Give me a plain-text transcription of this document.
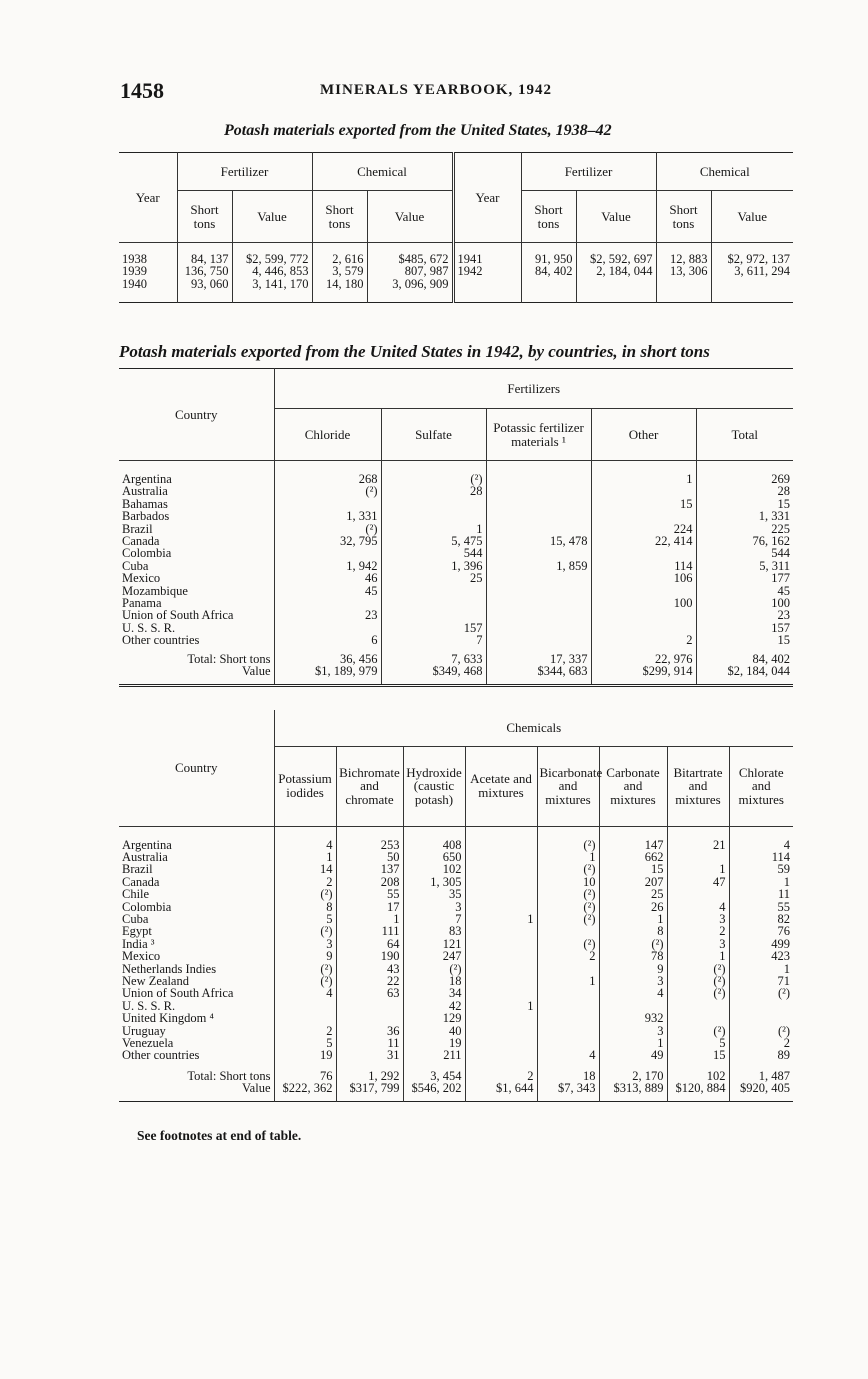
1458	MINERALS YEARBOOK, 1942
Potash materials exported from the United States, 1938–42
Year	Fertilizer		Chemical		Year	Fertilizer		Chemical	
	Short tons	Value	Short tons	Value		Short tons	Value	Short tons	Value
1938	84, 137	$2, 599, 772	2, 616	$485, 672	1941	91, 950	$2, 592, 697	12, 883	$2, 972, 137
1939	136, 750	4, 446, 853	3, 579	807, 987	1942	84, 402	2, 184, 044	13, 306	3, 611, 294
1940	93, 060	3, 141, 170	14, 180	3, 096, 909					
Potash materials exported from the United States in 1942, by countries, in short tons
Country	Fertilizers				
	Chloride	Sulfate	Potassic fertilizer materials ¹	Other	Total
Argentina	268	(²)		1	269
Australia	(²)	28			28
Bahamas				15	15
Barbados	1, 331				1, 331
Brazil	(²)	1		224	225
Canada	32, 795	5, 475	15, 478	22, 414	76, 162
Colombia		544			544
Cuba	1, 942	1, 396	1, 859	114	5, 311
Mexico	46	25		106	177
Mozambique	45				45
Panama				100	100
Union of South Africa	23				23
U. S. S. R.		157			157
Other countries	6	7		2	15
Total: Short tons	36, 456	7, 633	17, 337	22, 976	84, 402
Value	$1, 189, 979	$349, 468	$344, 683	$299, 914	$2, 184, 044
Country	Chemicals							
	Potassium iodides	Bichromate and chromate	Hydroxide (caustic potash)	Acetate and mixtures	Bicarbonate and mixtures	Carbonate and mixtures	Bitartrate and mixtures	Chlorate and mixtures
Argentina	4	253	408		(²)	147	21	4
Australia	1	50	650		1	662		114
Brazil	14	137	102		(²)	15	1	59
Canada	2	208	1, 305		10	207	47	1
Chile	(²)	55	35		(²)	25		11
Colombia	8	17	3		(²)	26	4	55
Cuba	5	1	7	1	(²)	1	3	82
Egypt	(²)	111	83			8	2	76
India ³	3	64	121		(²)	(²)	3	499
Mexico	9	190	247		2	78	1	423
Netherlands Indies	(²)	43	(²)			9	(²)	1
New Zealand	(²)	22	18		1	3	(²)	71
Union of South Africa	4	63	34			4	(²)	(²)
U. S. S. R.			42	1				
United Kingdom ⁴			129			932		
Uruguay	2	36	40			3	(²)	(²)
Venezuela	5	11	19			1	5	2
Other countries	19	31	211		4	49	15	89
Total: Short tons	76	1, 292	3, 454	2	18	2, 170	102	1, 487
Value	$222, 362	$317, 799	$546, 202	$1, 644	$7, 343	$313, 889	$120, 884	$920, 405
See footnotes at end of table.
